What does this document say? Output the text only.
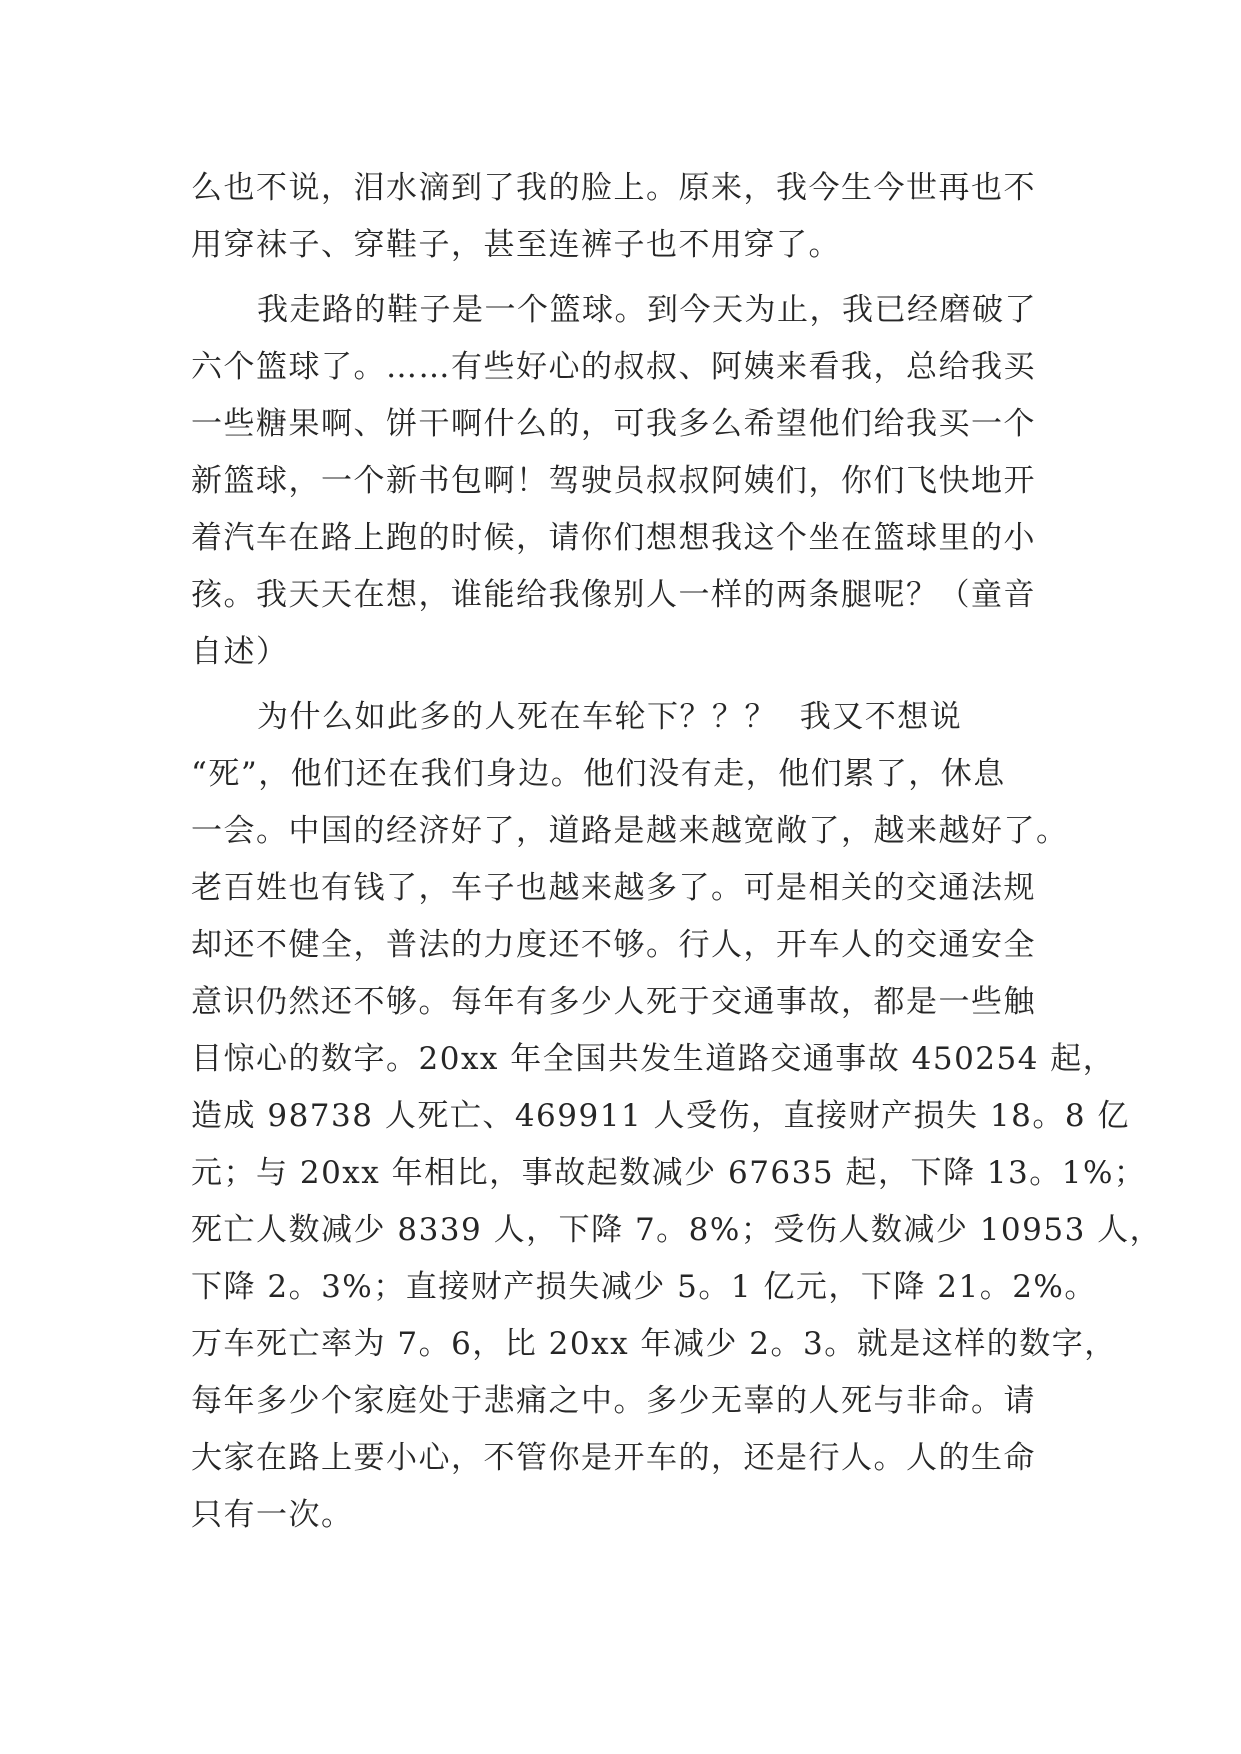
么也不说，泪水滴到了我的脸上。原来，我今生今世再也不
用穿袜子、穿鞋子，甚至连裤子也不用穿了。
我走路的鞋子是一个篮球。到今天为止，我已经磨破了
六个篮球了。……有些好心的叔叔、阿姨来看我，总给我买
一些糖果啊、饼干啊什么的，可我多么希望他们给我买一个
新篮球，一个新书包啊！驾驶员叔叔阿姨们，你们飞快地开
着汽车在路上跑的时候，请你们想想我这个坐在篮球里的小
孩。我天天在想，谁能给我像别人一样的两条腿呢？（童音
自述）
为什么如此多的人死在车轮下？？？  我又不想说
“死”，他们还在我们身边。他们没有走，他们累了，休息
一会。中国的经济好了，道路是越来越宽敞了，越来越好了。
老百姓也有钱了，车子也越来越多了。可是相关的交通法规
却还不健全，普法的力度还不够。行人，开车人的交通安全
意识仍然还不够。每年有多少人死于交通事故，都是一些触
目惊心的数字。20xx 年全国共发生道路交通事故 450254 起，
造成 98738 人死亡、469911 人受伤，直接财产损失 18。8 亿
元；与 20xx 年相比，事故起数减少 67635 起，下降 13。1%；
死亡人数减少 8339 人，下降 7。8%；受伤人数减少 10953 人，
下降 2。3%；直接财产损失减少 5。1 亿元，下降 21。2%。
万车死亡率为 7。6，比 20xx 年减少 2。3。就是这样的数字，
每年多少个家庭处于悲痛之中。多少无辜的人死与非命。请
大家在路上要小心，不管你是开车的，还是行人。人的生命
只有一次。
